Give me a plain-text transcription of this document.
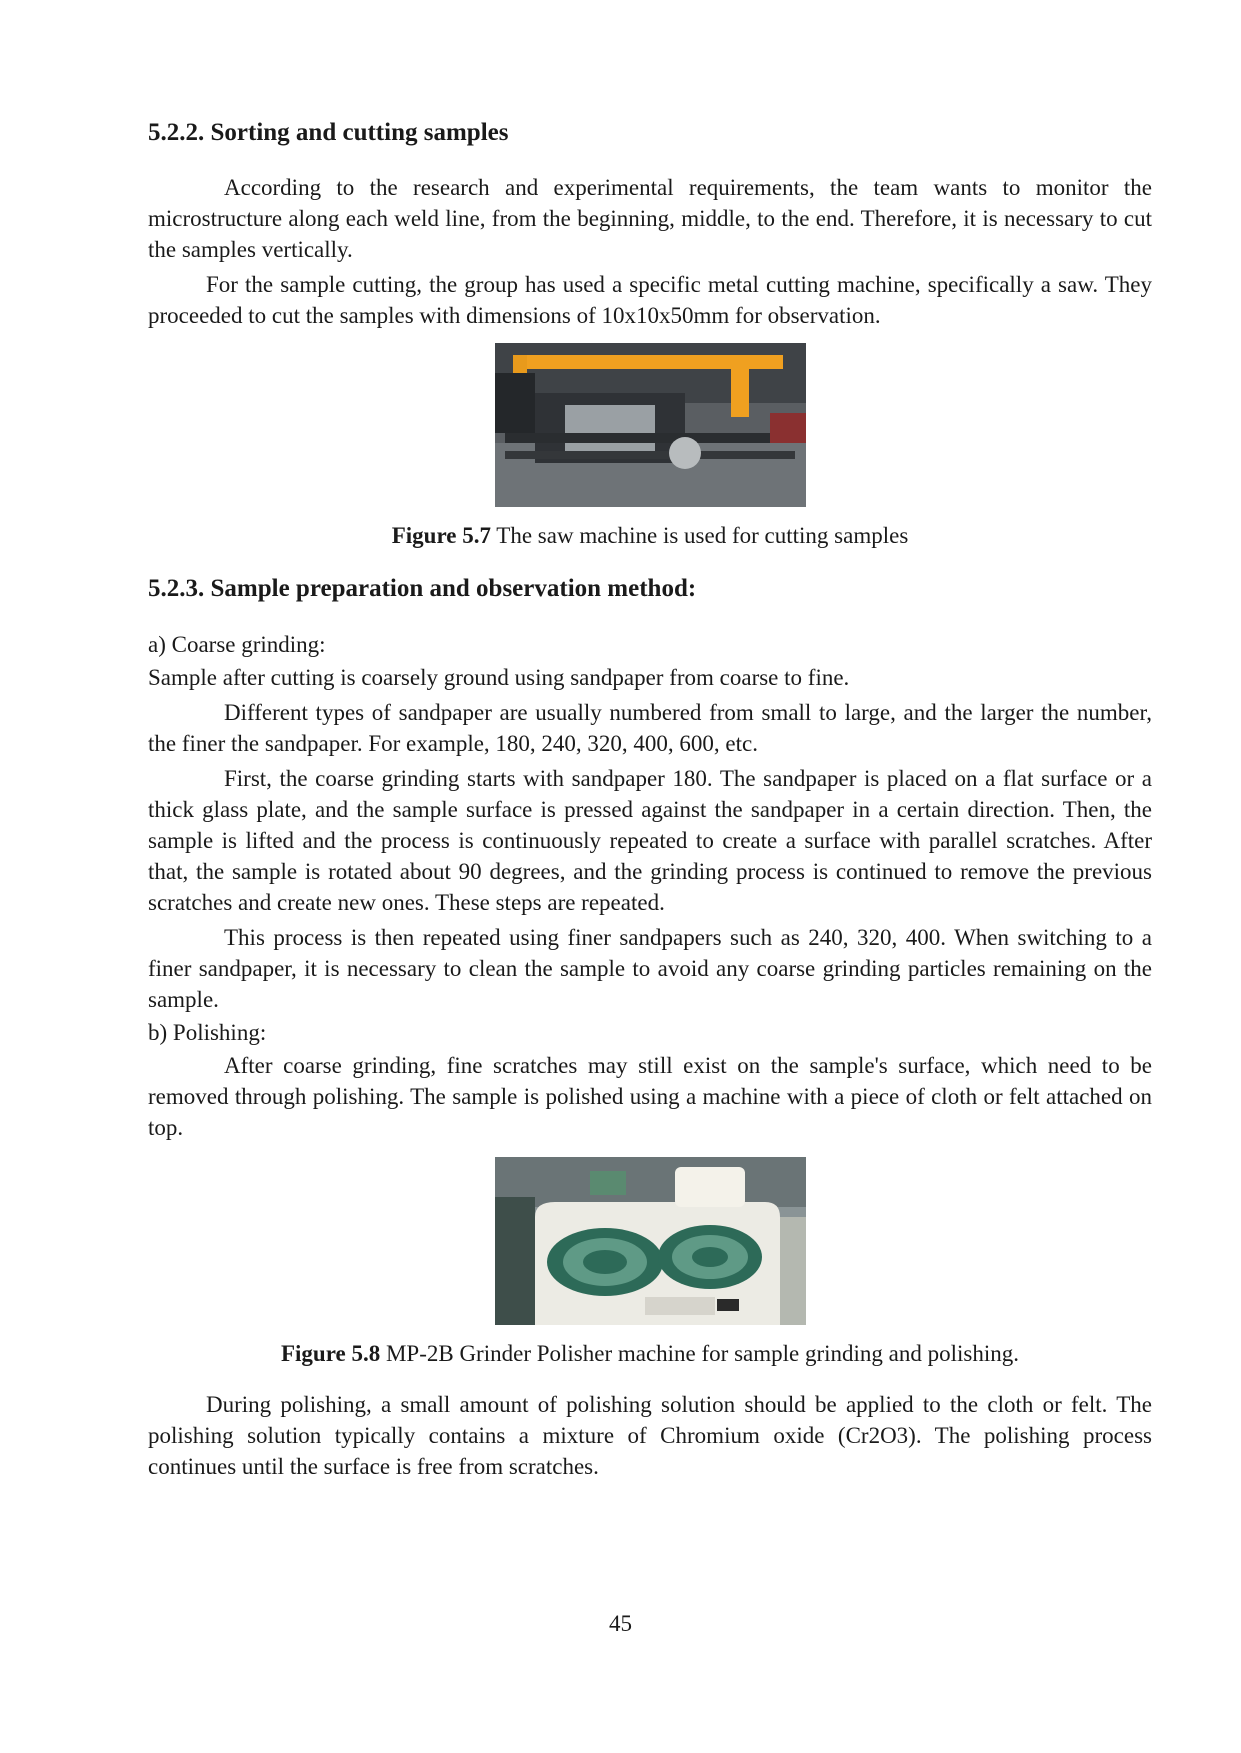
5.2.2. Sorting and cutting samples

According to the research and experimental requirements, the team wants to monitor the microstructure along each weld line, from the beginning, middle, to the end. Therefore, it is necessary to cut the samples vertically.

For the sample cutting, the group has used a specific metal cutting machine, specifically a saw. They proceeded to cut the samples with dimensions of 10x10x50mm for observation.

Figure 5.7 The saw machine is used for cutting samples
5.2.3. Sample preparation and observation method:

a) Coarse grinding:

Sample after cutting is coarsely ground using sandpaper from coarse to fine.

Different types of sandpaper are usually numbered from small to large, and the larger the number, the finer the sandpaper. For example, 180, 240, 320, 400, 600, etc.

First, the coarse grinding starts with sandpaper 180. The sandpaper is placed on a flat surface or a thick glass plate, and the sample surface is pressed against the sandpaper in a certain direction. Then, the sample is lifted and the process is continuously repeated to create a surface with parallel scratches. After that, the sample is rotated about 90 degrees, and the grinding process is continued to remove the previous scratches and create new ones. These steps are repeated.

This process is then repeated using finer sandpapers such as 240, 320, 400. When switching to a finer sandpaper, it is necessary to clean the sample to avoid any coarse grinding particles remaining on the sample.

b) Polishing:

After coarse grinding, fine scratches may still exist on the sample's surface, which need to be removed through polishing. The sample is polished using a machine with a piece of cloth or felt attached on top.

Figure 5.8 MP-2B Grinder Polisher machine for sample grinding and polishing.

During polishing, a small amount of polishing solution should be applied to the cloth or felt. The polishing solution typically contains a mixture of Chromium oxide (Cr2O3). The polishing process continues until the surface is free from scratches.

45
